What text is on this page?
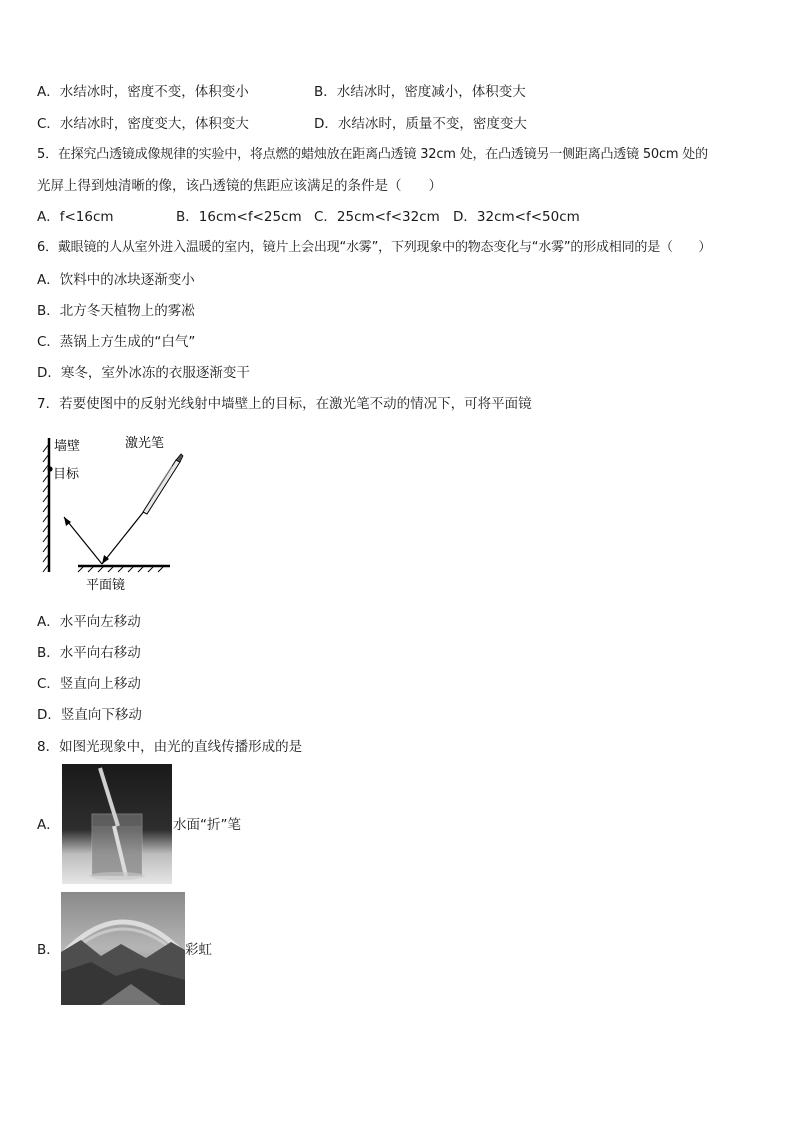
A．水结冰时，密度不变，体积变小	B．水结冰时，密度减小，体积变大
C．水结冰时，密度变大，体积变大	D．水结冰时，质量不变，密度变大
5．在探究凸透镜成像规律的实验中，将点燃的蜡烛放在距离凸透镜 32cm 处，在凸透镜另一侧距离凸透镜 50cm 处的
光屏上得到烛清晰的像，该凸透镜的焦距应该满足的条件是（　　）
A．f<16cm	B．16cm<f<25cm C．25cm<f<32cm D．32cm<f<50cm
6．戴眼镜的人从室外进入温暖的室内，镜片上会出现“水雾”，下列现象中的物态变化与“水雾”的形成相同的是（　　）
A．饮料中的冰块逐渐变小
B．北方冬天植物上的雾凇
C．蒸锅上方生成的“白气”
D．寒冬，室外冰冻的衣服逐渐变干
7．若要使图中的反射光线射中墙壁上的目标，在激光笔不动的情况下，可将平面镜
墙壁
目标
激光笔
平面镜
A．水平向左移动
B．水平向右移动
C．竖直向上移动
D．竖直向下移动
8．如图光现象中，由光的直线传播形成的是
A．	水面“折”笔
B．	彩虹
